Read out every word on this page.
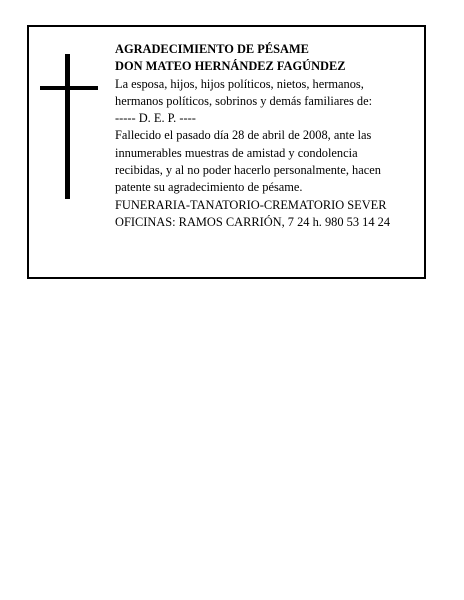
AGRADECIMIENTO DE PÉSAME
DON MATEO HERNÁNDEZ FAGÚNDEZ
La esposa, hijos, hijos políticos, nietos, hermanos,
hermanos políticos, sobrinos y demás familiares de:
----- D. E. P. ----
Fallecido el pasado día 28 de abril de 2008, ante las
innumerables muestras de amistad y condolencia
recibidas, y al no poder hacerlo personalmente, hacen
patente su agradecimiento de pésame.
FUNERARIA-TANATORIO-CREMATORIO SEVER
OFICINAS: RAMOS CARRIÓN, 7 24 h. 980 53 14 24
